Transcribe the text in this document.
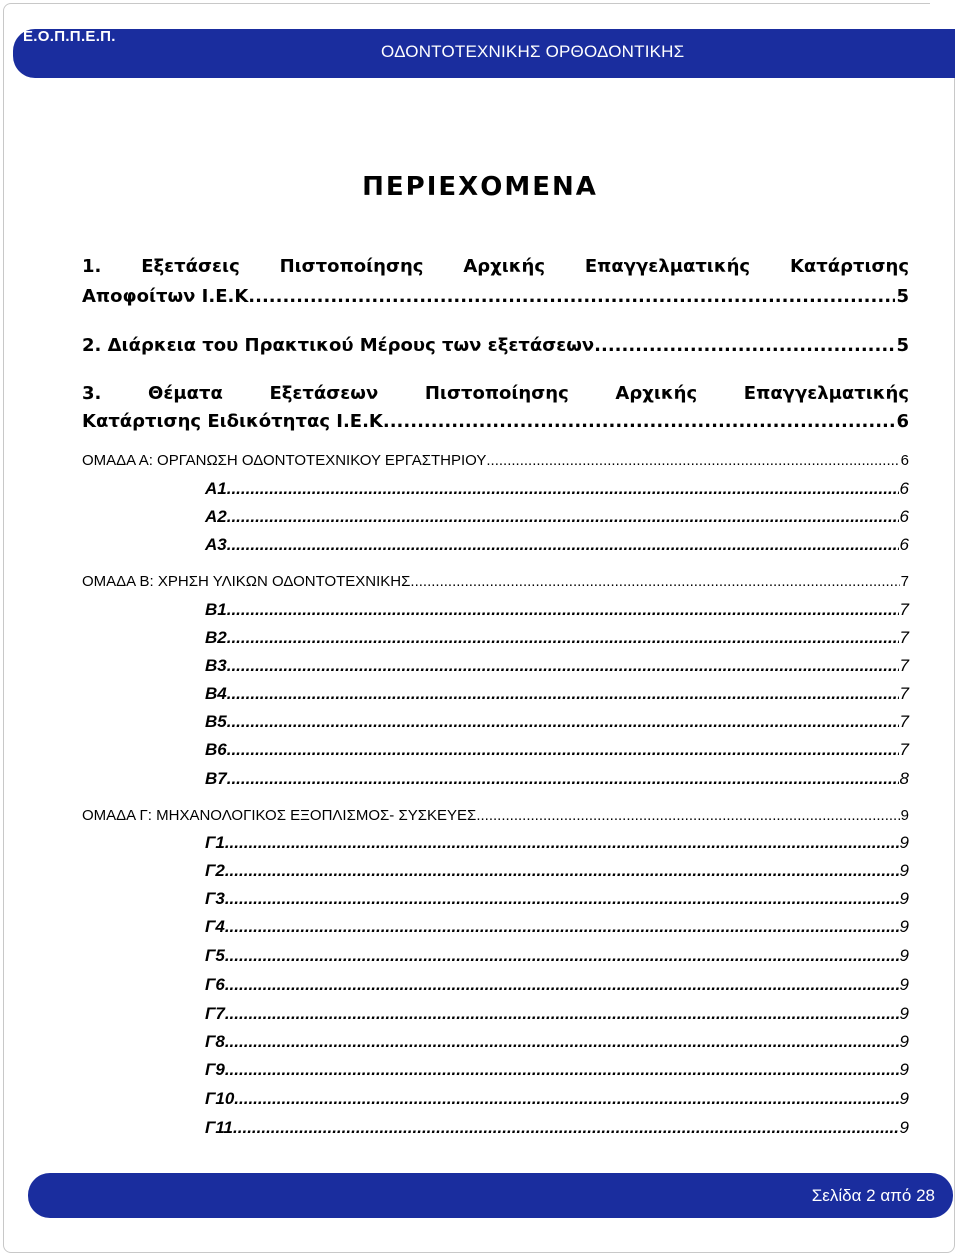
Ε.Ο.Π.Π.Ε.Π.
ΟΔΟΝΤΟΤΕΧΝΙΚΗΣ ΟΡΘΟΔΟΝΤΙΚΗΣ
ΠΕΡΙΕΧΟΜΕΝΑ
1. Εξετάσεις Πιστοποίησης Αρχικής Επαγγελματικής Κατάρτισης
Αποφοίτων Ι.Ε.Κ. .....	5
2. Διάρκεια του Πρακτικού Μέρους των εξετάσεων .....	5
3. Θέματα Εξετάσεων Πιστοποίησης Αρχικής Επαγγελματικής
Κατάρτισης Ειδικότητας Ι.Ε.Κ. .....	6
ΟΜΑΔΑ Α: ΟΡΓΑΝΩΣΗ ΟΔΟΝΤΟΤΕΧΝΙΚΟΥ ΕΡΓΑΣΤΗΡΙΟΥ .....	6
Α1 .....	6
Α2 .....	6
Α3 .....	6
ΟΜΑΔΑ Β: ΧΡΗΣΗ ΥΛΙΚΩΝ ΟΔΟΝΤΟΤΕΧΝΙΚΗΣ .....	7
Β1 .....	7
Β2 .....	7
Β3 .....	7
Β4 .....	7
Β5 .....	7
Β6 .....	7
Β7 .....	8
ΟΜΑΔΑ Γ: ΜΗΧΑΝΟΛΟΓΙΚΟΣ ΕΞΟΠΛΙΣΜΟΣ- ΣΥΣΚΕΥΕΣ .....	9
Γ1 .....	9
Γ2 .....	9
Γ3 .....	9
Γ4 .....	9
Γ5 .....	9
Γ6 .....	9
Γ7 .....	9
Γ8 .....	9
Γ9 .....	9
Γ10. .....	9
Γ11. .....	9
Σελίδα 2 από 28
